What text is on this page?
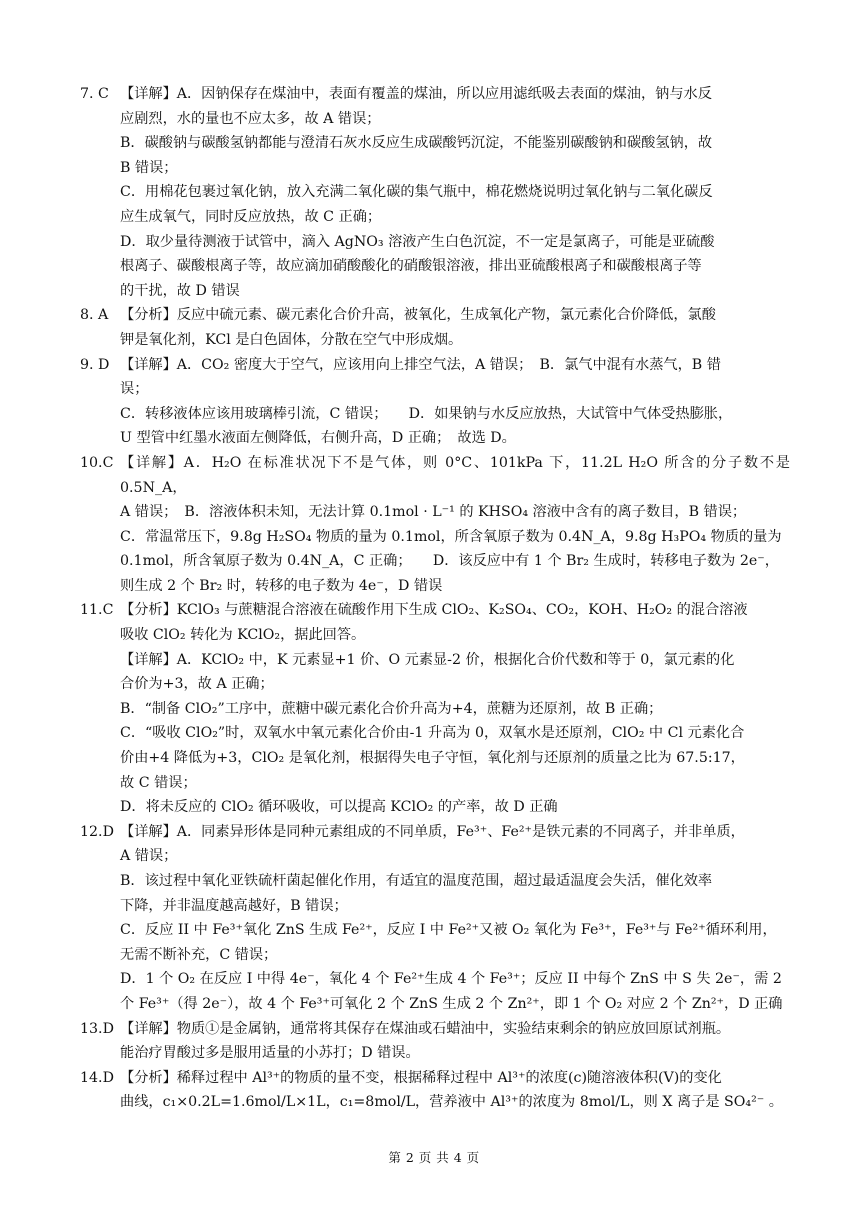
7. C 【详解】A．因钠保存在煤油中，表面有覆盖的煤油，所以应用滤纸吸去表面的煤油，钠与水反
应剧烈，水的量也不应太多，故 A 错误；
B．碳酸钠与碳酸氢钠都能与澄清石灰水反应生成碳酸钙沉淀，不能鉴别碳酸钠和碳酸氢钠，故
B 错误；
C．用棉花包裹过氧化钠，放入充满二氧化碳的集气瓶中，棉花燃烧说明过氧化钠与二氧化碳反
应生成氧气，同时反应放热，故 C 正确；
D．取少量待测液于试管中，滴入 AgNO₃ 溶液产生白色沉淀，不一定是氯离子，可能是亚硫酸
根离子、碳酸根离子等，故应滴加硝酸酸化的硝酸银溶液，排出亚硫酸根离子和碳酸根离子等
的干扰，故 D 错误
8. A 【分析】反应中硫元素、碳元素化合价升高，被氧化，生成氧化产物，氯元素化合价降低，氯酸
钾是氧化剂，KCl 是白色固体，分散在空气中形成烟。
9. D 【详解】A．CO₂ 密度大于空气，应该用向上排空气法，A 错误；　B．氯气中混有水蒸气，B 错
误；
C．转移液体应该用玻璃棒引流，C 错误；　　D．如果钠与水反应放热，大试管中气体受热膨胀，
U 型管中红墨水液面左侧降低，右侧升高，D 正确；　故选 D。
10.C 【详解】A．H₂O 在标准状况下不是气体，则 0°C、101kPa 下，11.2L H₂O 所含的分子数不是 0.5N_A，
A 错误；　B．溶液体积未知，无法计算 0.1mol · L⁻¹ 的 KHSO₄ 溶液中含有的离子数目，B 错误；
C．常温常压下，9.8g H₂SO₄ 物质的量为 0.1mol，所含氧原子数为 0.4N_A，9.8g H₃PO₄ 物质的量为
0.1mol，所含氧原子数为 0.4N_A，C 正确；　　D．该反应中有 1 个 Br₂ 生成时，转移电子数为 2e⁻，
则生成 2 个 Br₂ 时，转移的电子数为 4e⁻，D 错误
11.C 【分析】KClO₃ 与蔗糖混合溶液在硫酸作用下生成 ClO₂、K₂SO₄、CO₂，KOH、H₂O₂ 的混合溶液
吸收 ClO₂ 转化为 KClO₂，据此回答。
【详解】A．KClO₂ 中，K 元素显+1 价、O 元素显-2 价，根据化合价代数和等于 0，氯元素的化
合价为+3，故 A 正确；
B．“制备 ClO₂”工序中，蔗糖中碳元素化合价升高为+4，蔗糖为还原剂，故 B 正确；
C．“吸收 ClO₂”时，双氧水中氧元素化合价由-1 升高为 0，双氧水是还原剂，ClO₂ 中 Cl 元素化合
价由+4 降低为+3，ClO₂ 是氧化剂，根据得失电子守恒，氧化剂与还原剂的质量之比为 67.5:17，
故 C 错误；
D．将未反应的 ClO₂ 循环吸收，可以提高 KClO₂ 的产率，故 D 正确
12.D 【详解】A．同素异形体是同种元素组成的不同单质，Fe³⁺、Fe²⁺是铁元素的不同离子，并非单质，
A 错误；
B．该过程中氧化亚铁硫杆菌起催化作用，有适宜的温度范围，超过最适温度会失活，催化效率
下降，并非温度越高越好，B 错误；
C．反应 II 中 Fe³⁺氧化 ZnS 生成 Fe²⁺，反应 I 中 Fe²⁺又被 O₂ 氧化为 Fe³⁺，Fe³⁺与 Fe²⁺循环利用，
无需不断补充，C 错误；
D．1 个 O₂ 在反应 I 中得 4e⁻，氧化 4 个 Fe²⁺生成 4 个 Fe³⁺；反应 II 中每个 ZnS 中 S 失 2e⁻，需 2
个 Fe³⁺（得 2e⁻），故 4 个 Fe³⁺可氧化 2 个 ZnS 生成 2 个 Zn²⁺，即 1 个 O₂ 对应 2 个 Zn²⁺，D 正确
13.D 【详解】物质①是金属钠，通常将其保存在煤油或石蜡油中，实验结束剩余的钠应放回原试剂瓶。
能治疗胃酸过多是服用适量的小苏打；D 错误。
14.D 【分析】稀释过程中 Al³⁺的物质的量不变，根据稀释过程中 Al³⁺的浓度(c)随溶液体积(V)的变化
曲线，c₁×0.2L=1.6mol/L×1L，c₁=8mol/L，营养液中 Al³⁺的浓度为 8mol/L，则 X 离子是 SO₄²⁻ 。
第 2 页 共 4 页
